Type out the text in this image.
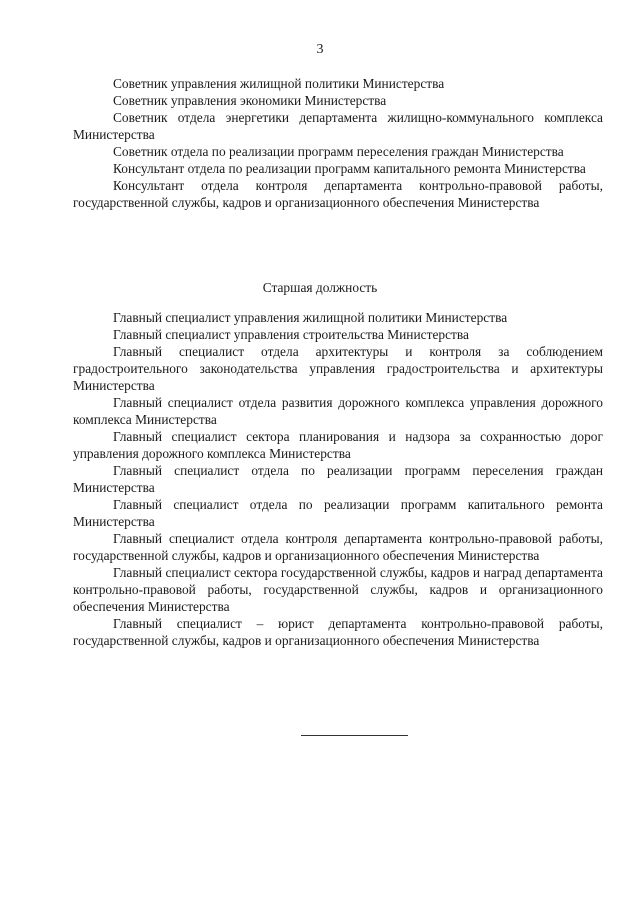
3

Советник управления жилищной политики Министерства

Советник управления экономики Министерства

Советник отдела энергетики департамента жилищно-коммунального комплекса Министерства

Советник отдела по реализации программ переселения граждан Министерства

Консультант отдела по реализации программ капитального ремонта Министерства

Консультант отдела контроля департамента контрольно-правовой работы, государственной службы, кадров и организационного обеспечения Министерства

Старшая должность

Главный специалист управления жилищной политики Министерства

Главный специалист управления строительства Министерства

Главный специалист отдела архитектуры и контроля за соблюдением градостроительного законодательства управления градостроительства и архитектуры Министерства

Главный специалист отдела развития дорожного комплекса управления дорожного комплекса Министерства

Главный специалист сектора планирования и надзора за сохранностью дорог управления дорожного комплекса Министерства

Главный специалист отдела по реализации программ переселения граждан Министерства

Главный специалист отдела по реализации программ капитального ремонта Министерства

Главный специалист отдела контроля департамента контрольно-правовой работы, государственной службы, кадров и организационного обеспечения Министерства

Главный специалист сектора государственной службы, кадров и наград департамента контрольно-правовой работы, государственной службы, кадров и организационного обеспечения Министерства

Главный специалист – юрист департамента контрольно-правовой работы, государственной службы, кадров и организационного обеспечения Министерства
